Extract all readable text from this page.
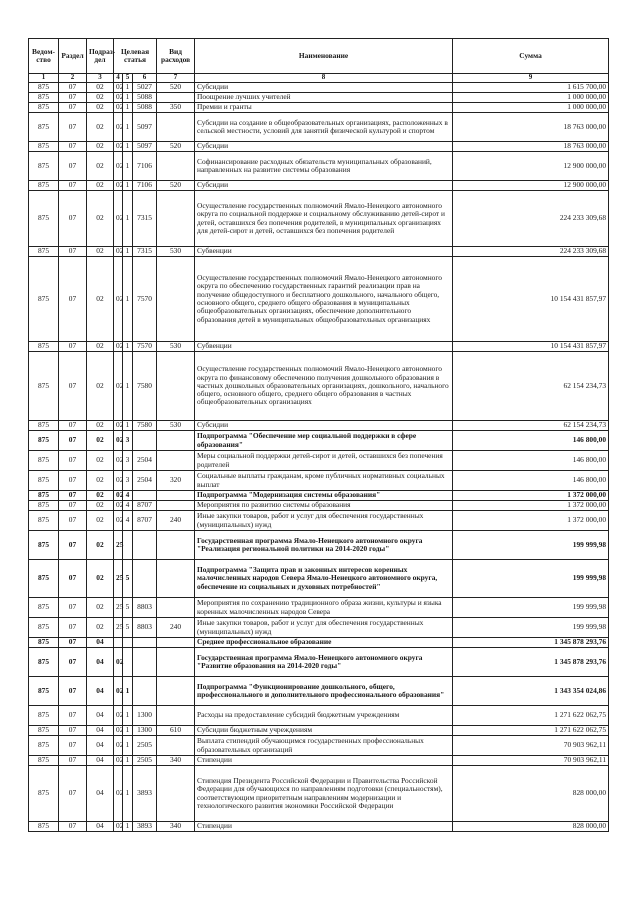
Ведом-ство	Раздел	Подраз-дел	Целевая статья			Вид расходов	Наименование	Сумма
1	2	3	4	5	6	7	8	9
875	07	02	02	1	5027	520	Субсидии	1 615 700,00
875	07	02	02	1	5088		Поощрение лучших учителей	1 000 000,00
875	07	02	02	1	5088	350	Премии и гранты	1 000 000,00
875	07	02	02	1	5097		Субсидии на создание в общеобразовательных организациях, расположенных в сельской местности, условий для занятий физической культурой и спортом	18 763 000,00
875	07	02	02	1	5097	520	Субсидии	18 763 000,00
875	07	02	02	1	7106		Софинансирование расходных обязательств муниципальных образований, направленных на развитие системы образования	12 900 000,00
875	07	02	02	1	7106	520	Субсидии	12 900 000,00
875	07	02	02	1	7315		Осуществление государственных полномочий Ямало-Ненецкого автономного округа по социальной поддержке и социальному обслуживанию детей-сирот и детей, оставшихся без попечения родителей, в муниципальных организациях для детей-сирот и детей, оставшихся без попечения родителей	224 233 309,68
875	07	02	02	1	7315	530	Субвенции	224 233 309,68
875	07	02	02	1	7570		Осуществление государственных полномочий Ямало-Ненецкого автономного округа по обеспечению государственных гарантий реализации прав на получение общедоступного и бесплатного дошкольного, начального общего, основного общего, среднего общего образования в муниципальных общеобразовательных организациях, обеспечение дополнительного образования детей в муниципальных общеобразовательных организациях	10 154 431 857,97
875	07	02	02	1	7570	530	Субвенции	10 154 431 857,97
875	07	02	02	1	7580		Осуществление государственных полномочий Ямало-Ненецкого автономного округа по финансовому обеспечению получения дошкольного образования в частных дошкольных образовательных организациях, дошкольного, начального общего, основного общего, среднего общего образования в частных общеобразовательных организациях	62 154 234,73
875	07	02	02	1	7580	530	Субсидии	62 154 234,73
875	07	02	02	3			Подпрограмма "Обеспечение мер социальной поддержки в сфере образования"	146 800,00
875	07	02	02	3	2504		Меры социальной поддержки детей-сирот и детей, оставшихся без попечения родителей	146 800,00
875	07	02	02	3	2504	320	Социальные выплаты гражданам, кроме публичных нормативных социальных выплат	146 800,00
875	07	02	02	4			Подпрограмма "Модернизация системы образования"	1 372 000,00
875	07	02	02	4	8707		Мероприятия по развитию системы образования	1 372 000,00
875	07	02	02	4	8707	240	Иные закупки товаров, работ и услуг для обеспечения государственных (муниципальных) нужд	1 372 000,00
875	07	02	25				Государственная программа Ямало-Ненецкого автономного округа "Реализация региональной политики на 2014-2020 годы"	199 999,98
875	07	02	25	5			Подпрограмма "Защита прав и законных интересов коренных малочисленных народов Севера Ямало-Ненецкого автономного округа, обеспечение из социальных и духовных потребностей"	199 999,98
875	07	02	25	5	8803		Мероприятия по сохранению традиционного образа жизни, культуры и языка коренных малочисленных народов Севера	199 999,98
875	07	02	25	5	8803	240	Иные закупки товаров, работ и услуг для обеспечения государственных (муниципальных) нужд	199 999,98
875	07	04					Среднее профессиональное образование	1 345 878 293,76
875	07	04	02				Государственная программа Ямало-Ненецкого автономного округа "Развитие образования на 2014-2020 годы"	1 345 878 293,76
875	07	04	02	1			Подпрограмма "Функционирование дошкольного, общего, профессионального и дополнительного профессионального образования"	1 343 354 024,86
875	07	04	02	1	1300		Расходы на предоставление субсидий бюджетным учреждениям	1 271 622 062,75
875	07	04	02	1	1300	610	Субсидии бюджетным учреждениям	1 271 622 062,75
875	07	04	02	1	2505		Выплата стипендий обучающимся государственных профессиональных образовательных организаций	70 903 962,11
875	07	04	02	1	2505	340	Стипендии	70 903 962,11
875	07	04	02	1	3893		Стипендия Президента Российской Федерации и Правительства Российской Федерации для обучающихся по направлениям подготовки (специальностям), соответствующим приоритетным направлениям модернизации и технологического развития экономики Российской Федерации	828 000,00
875	07	04	02	1	3893	340	Стипендии	828 000,00
